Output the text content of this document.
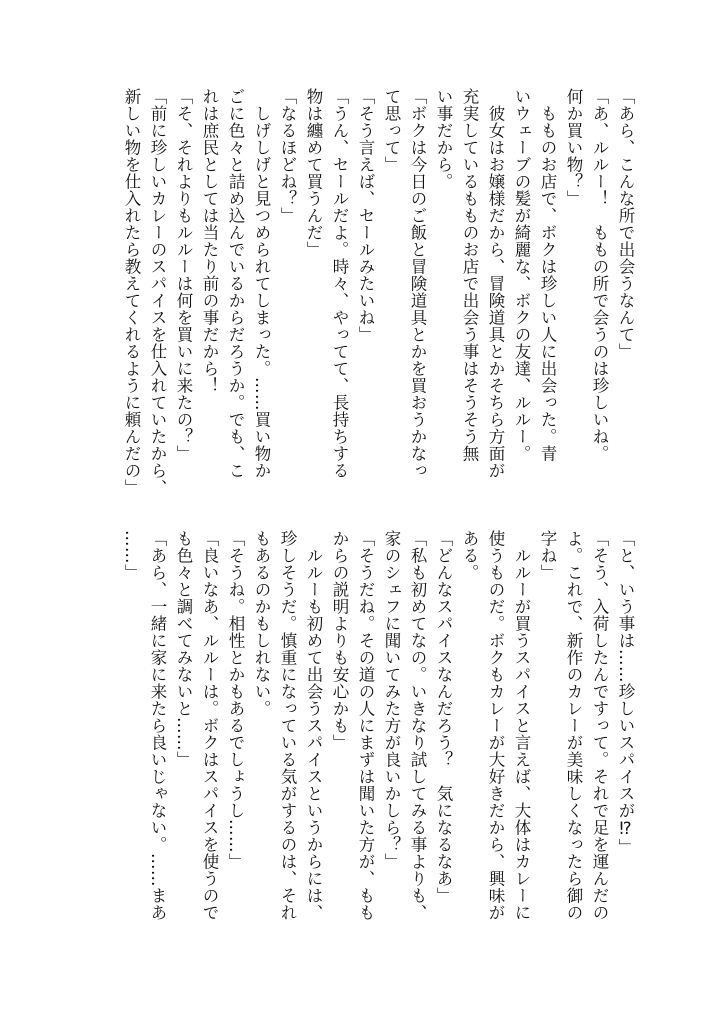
「あら、こんな所で出会うなんて」
「あ、ルルー！　ももの所で会うのは珍しいね。
何か買い物？」
　もものお店で、ボクは珍しい人に出会った。青
いウェーブの髪が綺麗な、ボクの友達、ルルー。
　彼女はお嬢様だから、冒険道具とかそちら方面が
充実しているもものお店で出会う事はそうそう無
い事だから。
「ボクは今日のご飯と冒険道具とかを買おうかなっ
て思って」
「そう言えば、セールみたいね」
「うん、セールだよ。時々、やってて、長持ちする
物は纏めて買うんだ」
「なるほどね？」
　しげしげと見つめられてしまった。……買い物か
ごに色々と詰め込んでいるからだろうか。でも、こ
れは庶民としては当たり前の事だから！
「そ、それよりもルルーは何を買いに来たの？」
「前に珍しいカレーのスパイスを仕入れていたから、
新しい物を仕入れたら教えてくれるように頼んだの」
「と、いう事は……珍しいスパイスが⁉」
「そう、入荷したんですって。それで足を運んだの
よ。これで、新作のカレーが美味しくなったら御の
字ね」
　ルルーが買うスパイスと言えば、大体はカレーに
使うものだ。ボクもカレーが大好きだから、興味が
ある。
「どんなスパイスなんだろう？　気になるなあ」
「私も初めてなの。いきなり試してみる事よりも、
家のシェフに聞いてみた方が良いかしら？」
「そうだね。その道の人にまずは聞いた方が、もも
からの説明よりも安心かも」
　ルルーも初めて出会うスパイスというからには、
珍しそうだ。慎重になっている気がするのは、それ
もあるのかもしれない。
「そうね。相性とかもあるでしょうし……」
「良いなあ、ルルーは。ボクはスパイスを使うので
も色々と調べてみないと……」
「あら、一緒に家に来たら良いじゃない。……まあ
……」
